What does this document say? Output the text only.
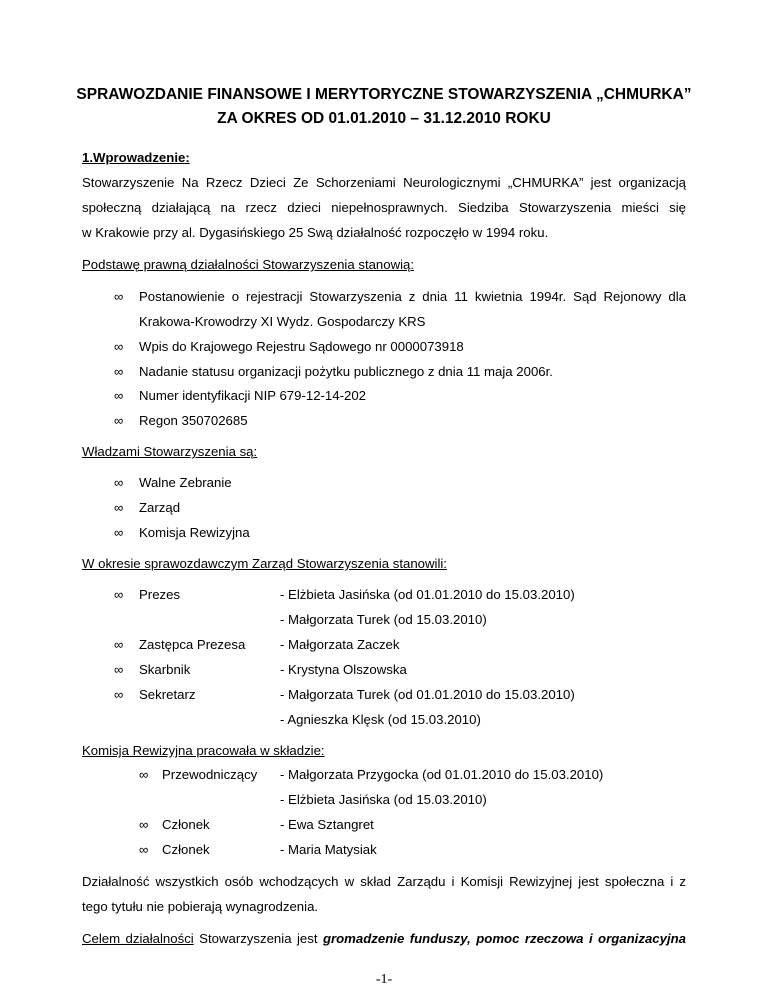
SPRAWOZDANIE FINANSOWE I MERYTORYCZNE STOWARZYSZENIA „CHMURKA”
ZA OKRES OD 01.01.2010 – 31.12.2010 ROKU
1.Wprowadzenie:
Stowarzyszenie Na Rzecz Dzieci Ze Schorzeniami Neurologicznymi „CHMURKA” jest organizacją
społeczną działającą na rzecz dzieci niepełnosprawnych. Siedziba Stowarzyszenia mieści się
w Krakowie przy al. Dygasińskiego 25 Swą działalność rozpoczęło w 1994 roku.
Podstawę prawną działalności Stowarzyszenia stanowią:
∞ Postanowienie o rejestracji Stowarzyszenia z dnia 11 kwietnia 1994r. Sąd Rejonowy dla
Krakowa-Krowodrzy XI Wydz. Gospodarczy KRS
∞ Wpis do Krajowego Rejestru Sądowego nr 0000073918
∞ Nadanie statusu organizacji pożytku publicznego z dnia 11 maja 2006r.
∞ Numer identyfikacji NIP 679-12-14-202
∞ Regon 350702685
Władzami Stowarzyszenia są:
∞ Walne Zebranie
∞ Zarząd
∞ Komisja Rewizyjna
W okresie sprawozdawczym Zarząd Stowarzyszenia stanowili:
∞ Prezes	- Elżbieta Jasińska (od 01.01.2010 do 15.03.2010)
- Małgorzata Turek (od 15.03.2010)
∞ Zastępca Prezesa	- Małgorzata Zaczek
∞ Skarbnik	- Krystyna Olszowska
∞ Sekretarz	- Małgorzata Turek (od 01.01.2010 do 15.03.2010)
- Agnieszka Klęsk (od 15.03.2010)
Komisja Rewizyjna pracowała w składzie:
∞ Przewodniczący - Małgorzata Przygocka (od 01.01.2010 do 15.03.2010)
- Elżbieta Jasińska (od 15.03.2010)
∞ Członek	- Ewa Sztangret
∞ Członek	- Maria Matysiak
Działalność wszystkich osób wchodzących w skład Zarządu i Komisji Rewizyjnej jest społeczna i z
tego tytułu nie pobierają wynagrodzenia.
Celem działalności Stowarzyszenia jest gromadzenie funduszy, pomoc rzeczowa i organizacyjna
-1-
